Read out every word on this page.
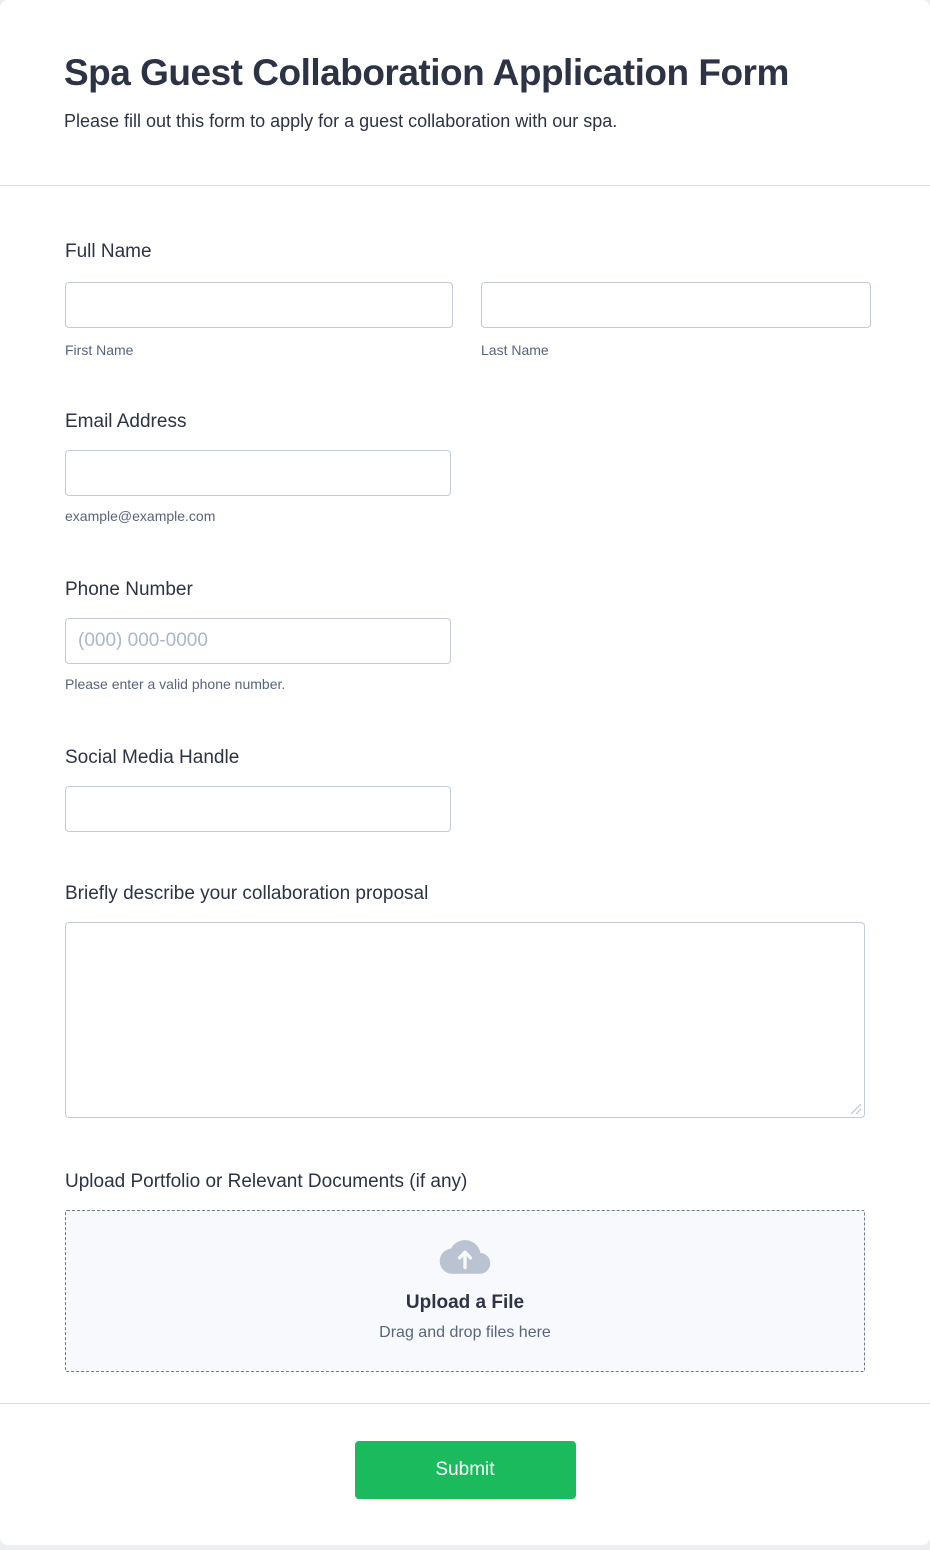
Spa Guest Collaboration Application Form
Please fill out this form to apply for a guest collaboration with our spa.
Full Name
First Name	Last Name
Email Address
example@example.com
Phone Number
(000) 000-0000
Please enter a valid phone number.
Social Media Handle
Briefly describe your collaboration proposal
Upload Portfolio or Relevant Documents (if any)
Upload a File
Drag and drop files here
Submit
